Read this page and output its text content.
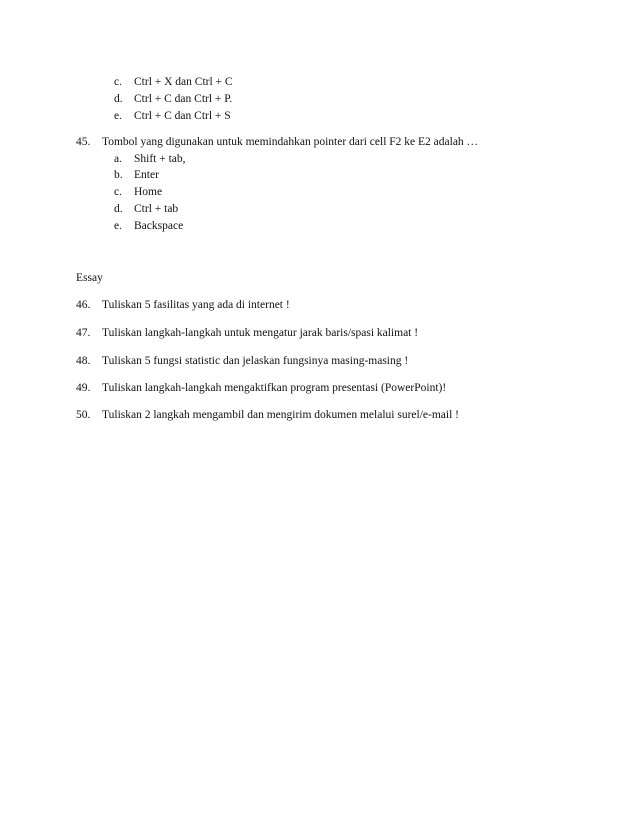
c. Ctrl + X dan Ctrl + C
d. Ctrl + C dan Ctrl + P.
e. Ctrl + C dan Ctrl + S
45. Tombol yang digunakan untuk memindahkan pointer dari cell F2 ke E2 adalah …
a. Shift + tab,
b. Enter
c. Home
d. Ctrl + tab
e. Backspace
Essay
46. Tuliskan 5 fasilitas yang ada di internet !
47. Tuliskan langkah-langkah untuk mengatur jarak baris/spasi kalimat !
48. Tuliskan 5 fungsi statistic dan jelaskan fungsinya masing-masing !
49. Tuliskan langkah-langkah mengaktifkan program presentasi (PowerPoint)!
50. Tuliskan 2 langkah mengambil dan mengirim dokumen melalui surel/e-mail !
